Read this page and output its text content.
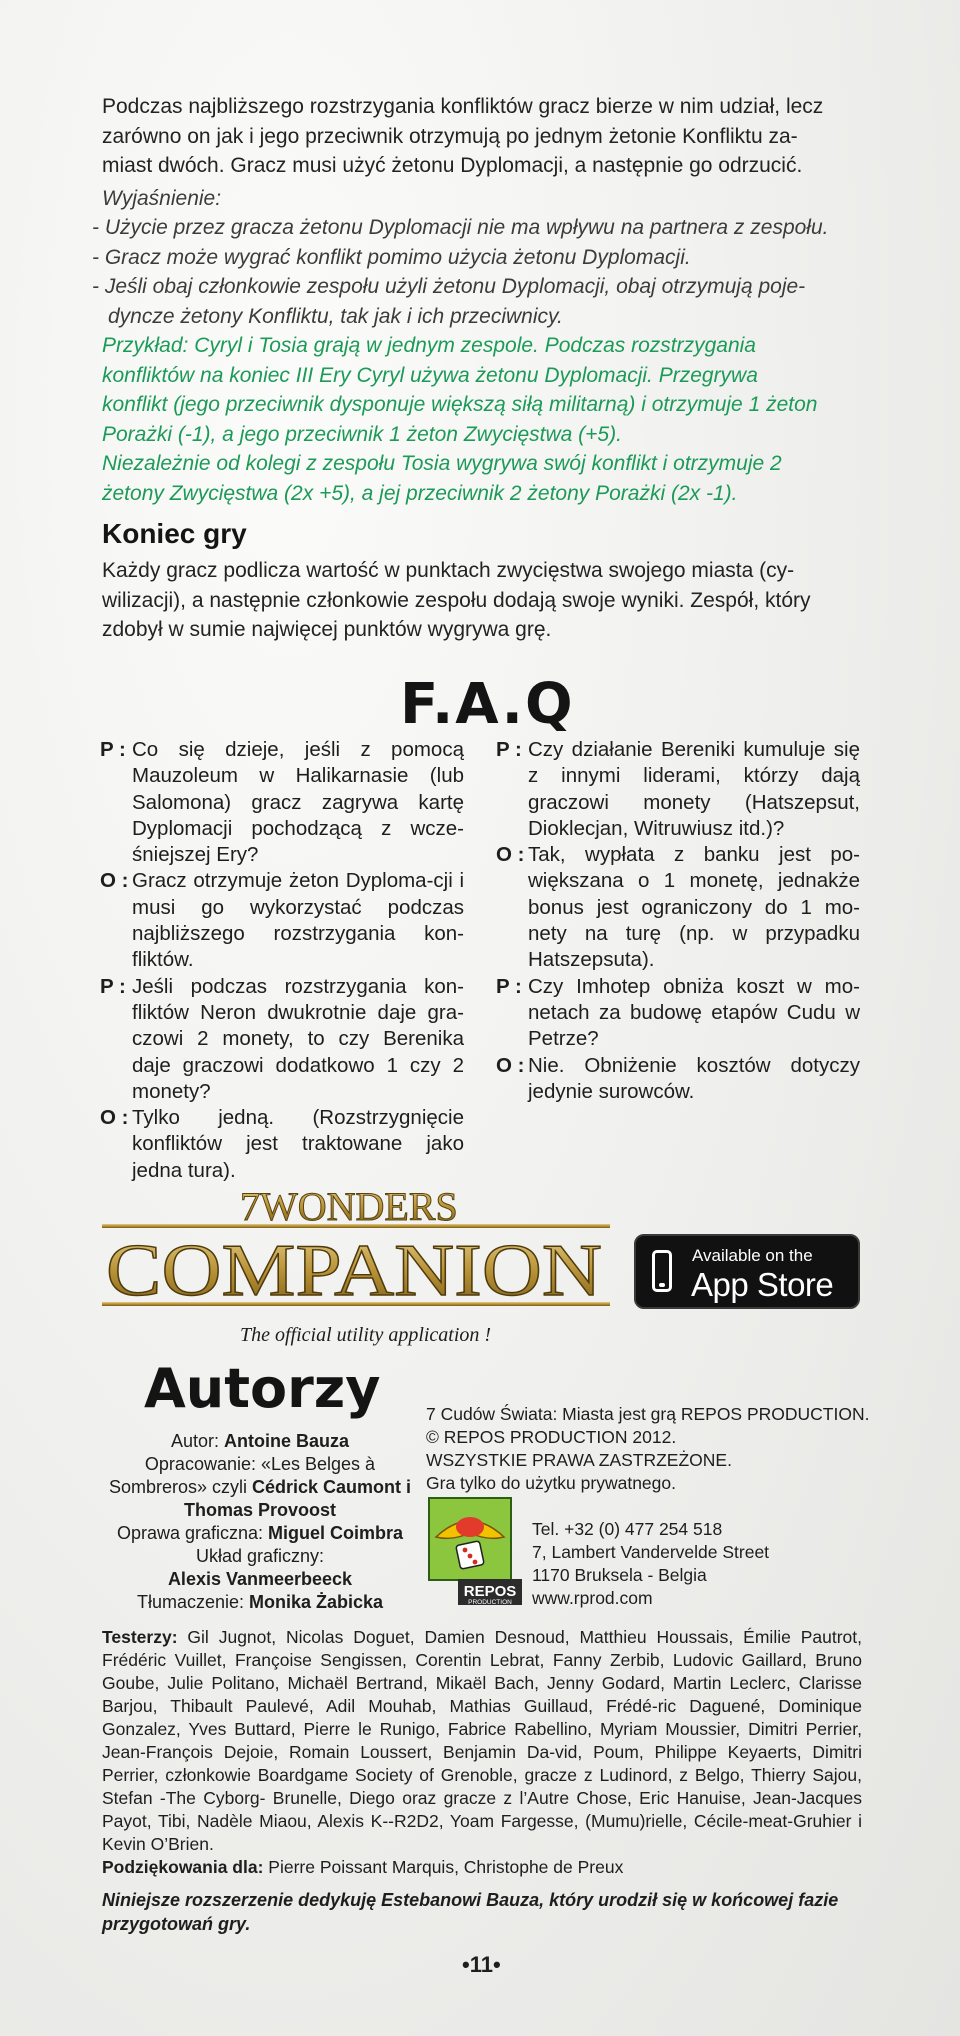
Podczas najbliższego rozstrzygania konfliktów gracz bierze w nim udział, lecz
zarówno on jak i jego przeciwnik otrzymują po jednym żetonie Konfliktu za-
miast dwóch. Gracz musi użyć żetonu Dyplomacji, a następnie go odrzucić.
Wyjaśnienie:
- Użycie przez gracza żetonu Dyplomacji nie ma wpływu na partnera z zespołu.
- Gracz może wygrać konflikt pomimo użycia żetonu Dyplomacji.
- Jeśli obaj członkowie zespołu użyli żetonu Dyplomacji, obaj otrzymują poje-
dyncze żetony Konfliktu, tak jak i ich przeciwnicy.
Przykład: Cyryl i Tosia grają w jednym zespole. Podczas rozstrzygania
konfliktów na koniec III Ery Cyryl używa żetonu Dyplomacji. Przegrywa
konflikt (jego przeciwnik dysponuje większą siłą militarną) i otrzymuje 1 żeton
Porażki (-1), a jego przeciwnik 1 żeton Zwycięstwa (+5).
Niezależnie od kolegi z zespołu Tosia wygrywa swój konflikt i otrzymuje 2
żetony Zwycięstwa (2x +5), a jej przeciwnik 2 żetony Porażki (2x -1).
Koniec gry
Każdy gracz podlicza wartość w punktach zwycięstwa swojego miasta (cy-
wilizacji), a następnie członkowie zespołu dodają swoje wyniki. Zespół, który
zdobył w sumie najwięcej punktów wygrywa grę.
F.A.Q
P : Co się dzieje, jeśli z pomocą Mauzoleum w Halikarnasie (lub Salomona) gracz zagrywa kartę Dyplomacji pochodzącą z wcze-śniejszej Ery?
O : Gracz otrzymuje żeton Dyploma-cji i musi go wykorzystać podczas najbliższego rozstrzygania kon-fliktów.
P : Jeśli podczas rozstrzygania kon-fliktów Neron dwukrotnie daje gra-czowi 2 monety, to czy Berenika daje graczowi dodatkowo 1 czy 2 monety?
O : Tylko jedną. (Rozstrzygnięcie konfliktów jest traktowane jako jedna tura).
P : Czy działanie Bereniki kumuluje się z innymi liderami, którzy dają graczowi monety (Hatszepsut, Dioklecjan, Witruwiusz itd.)?
O : Tak, wypłata z banku jest po-większana o 1 monetę, jednakże bonus jest ograniczony do 1 mo-nety na turę (np. w przypadku Hatszepsuta).
P : Czy Imhotep obniża koszt w mo-netach za budowę etapów Cudu w Petrze?
O : Nie. Obniżenie kosztów dotyczy jedynie surowców.
7WONDERS
COMPANION
The official utility application !
Available on the
App Store
Autorzy
Autor: Antoine Bauza
Opracowanie: «Les Belges à Sombreros» czyli Cédrick Caumont i Thomas Provoost
Oprawa graficzna: Miguel Coimbra
Układ graficzny:
Alexis Vanmeerbeeck
Tłumaczenie: Monika Żabicka
7 Cudów Świata: Miasta jest grą REPOS PRODUCTION.
© REPOS PRODUCTION 2012.
WSZYSTKIE PRAWA ZASTRZEŻONE.
Gra tylko do użytku prywatnego.
REPOS
PRODUCTION
Tel. +32 (0) 477 254 518
7, Lambert Vandervelde Street
1170 Bruksela - Belgia
www.rprod.com
Testerzy: Gil Jugnot, Nicolas Doguet, Damien Desnoud, Matthieu Houssais, Émilie Pautrot, Frédéric Vuillet, Françoise Sengissen, Corentin Lebrat, Fanny Zerbib, Ludovic Gaillard, Bruno Goube, Julie Politano, Michaël Bertrand, Mikaël Bach, Jenny Godard, Martin Leclerc, Clarisse Barjou, Thibault Paulevé, Adil Mouhab, Mathias Guillaud, Frédé-ric Daguené, Dominique Gonzalez, Yves Buttard, Pierre le Runigo, Fabrice Rabellino, Myriam Moussier, Dimitri Perrier, Jean-François Dejoie, Romain Loussert, Benjamin Da-vid, Poum, Philippe Keyaerts, Dimitri Perrier, członkowie Boardgame Society of Grenoble, gracze z Ludinord, z Belgo, Thierry Sajou, Stefan -The Cyborg- Brunelle, Diego oraz gracze z l’Autre Chose, Eric Hanuise, Jean-Jacques Payot, Tibi, Nadèle Miaou, Alexis K--R2D2, Yoam Fargesse, (Mumu)rielle, Cécile-meat-Gruhier i Kevin O’Brien.
Podziękowania dla: Pierre Poissant Marquis, Christophe de Preux
Niniejsze rozszerzenie dedykuję Estebanowi Bauza, który urodził się w końcowej fazie przygotowań gry.
•11•
